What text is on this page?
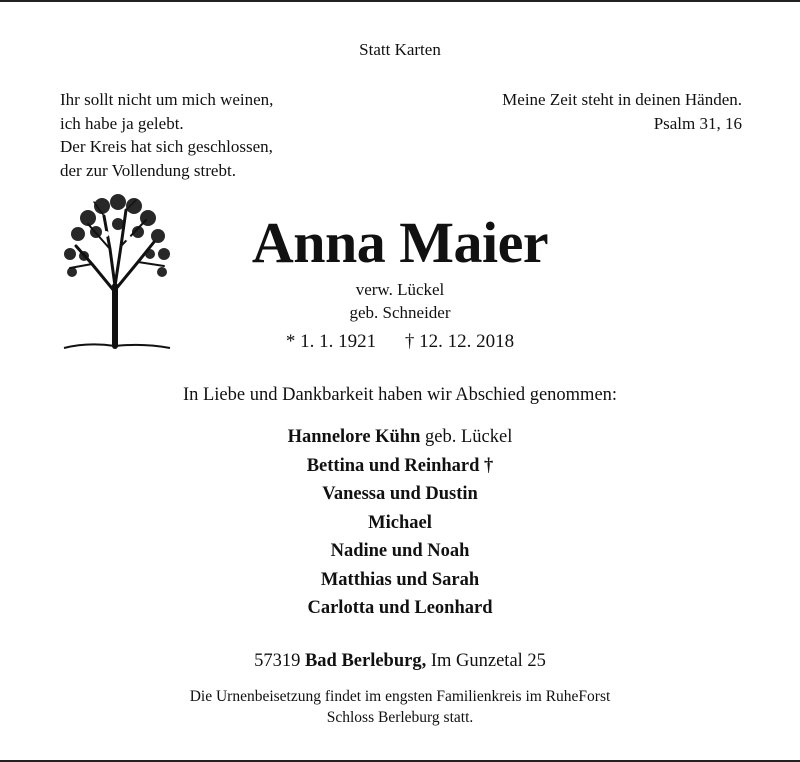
Statt Karten
Ihr sollt nicht um mich weinen,
ich habe ja gelebt.
Der Kreis hat sich geschlossen,
der zur Vollendung strebt.
Meine Zeit steht in deinen Händen.
Psalm 31, 16
Anna Maier
verw. Lückel
geb. Schneider
* 1. 1. 1921 † 12. 12. 2018
In Liebe und Dankbarkeit haben wir Abschied genommen:
Hannelore Kühn geb. Lückel
Bettina und Reinhard †
Vanessa und Dustin
Michael
Nadine und Noah
Matthias und Sarah
Carlotta und Leonhard
57319 Bad Berleburg, Im Gunzetal 25
Die Urnenbeisetzung findet im engsten Familienkreis im RuheForst
Schloss Berleburg statt.
